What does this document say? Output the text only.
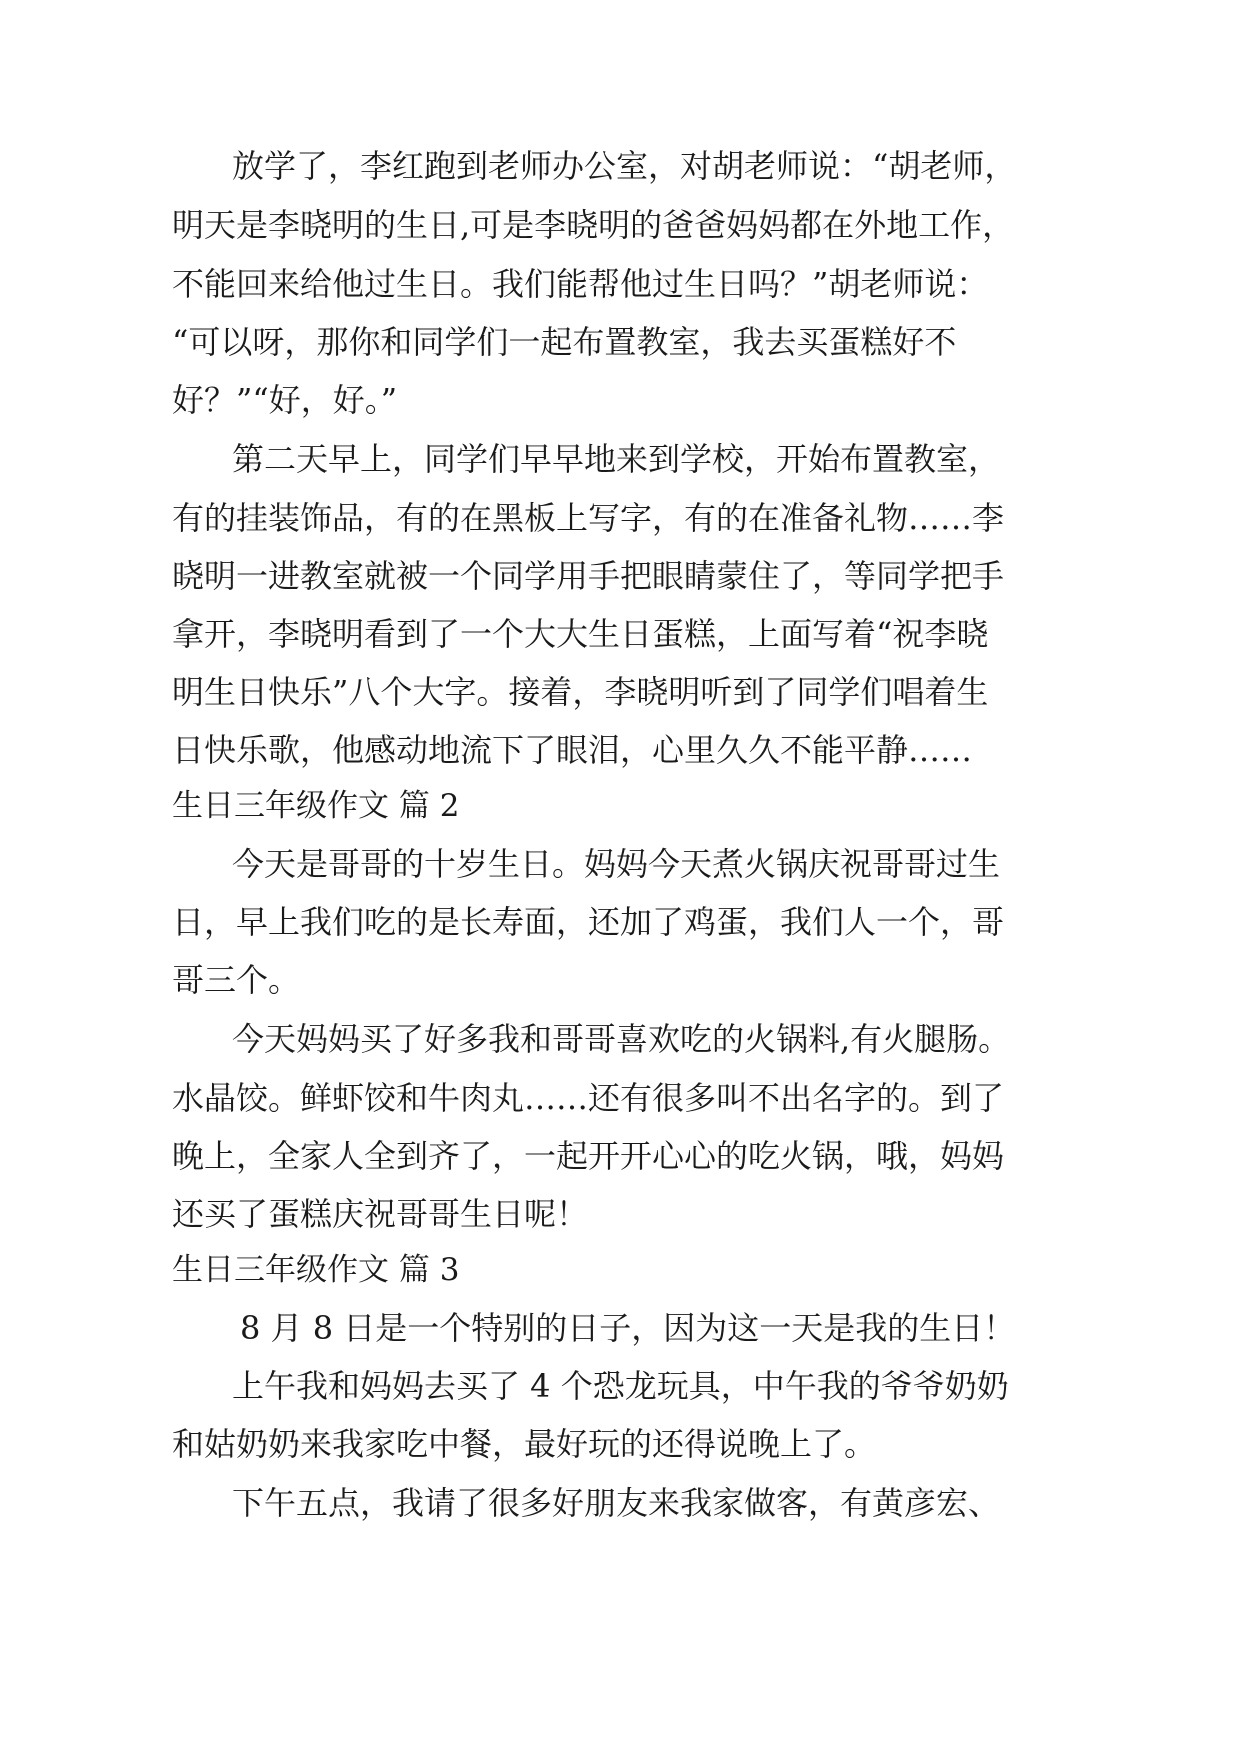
放学了，李红跑到老师办公室，对胡老师说：“胡老师，
明天是李晓明的生日,可是李晓明的爸爸妈妈都在外地工作，
不能回来给他过生日。我们能帮他过生日吗？”胡老师说：
“可以呀，那你和同学们一起布置教室，我去买蛋糕好不
好？”“好，好。”
第二天早上，同学们早早地来到学校，开始布置教室，
有的挂装饰品，有的在黑板上写字，有的在准备礼物……李
晓明一进教室就被一个同学用手把眼睛蒙住了，等同学把手
拿开，李晓明看到了一个大大生日蛋糕，上面写着“祝李晓
明生日快乐”八个大字。接着，李晓明听到了同学们唱着生
日快乐歌，他感动地流下了眼泪，心里久久不能平静……
生日三年级作文 篇 2
今天是哥哥的十岁生日。妈妈今天煮火锅庆祝哥哥过生
日，早上我们吃的是长寿面，还加了鸡蛋，我们人一个，哥
哥三个。
今天妈妈买了好多我和哥哥喜欢吃的火锅料,有火腿肠。
水晶饺。鲜虾饺和牛肉丸……还有很多叫不出名字的。到了
晚上，全家人全到齐了，一起开开心心的吃火锅，哦，妈妈
还买了蛋糕庆祝哥哥生日呢！
生日三年级作文 篇 3
8 月 8 日是一个特别的日子，因为这一天是我的生日！
上午我和妈妈去买了 4 个恐龙玩具，中午我的爷爷奶奶
和姑奶奶来我家吃中餐，最好玩的还得说晚上了。
下午五点，我请了很多好朋友来我家做客，有黄彦宏、
